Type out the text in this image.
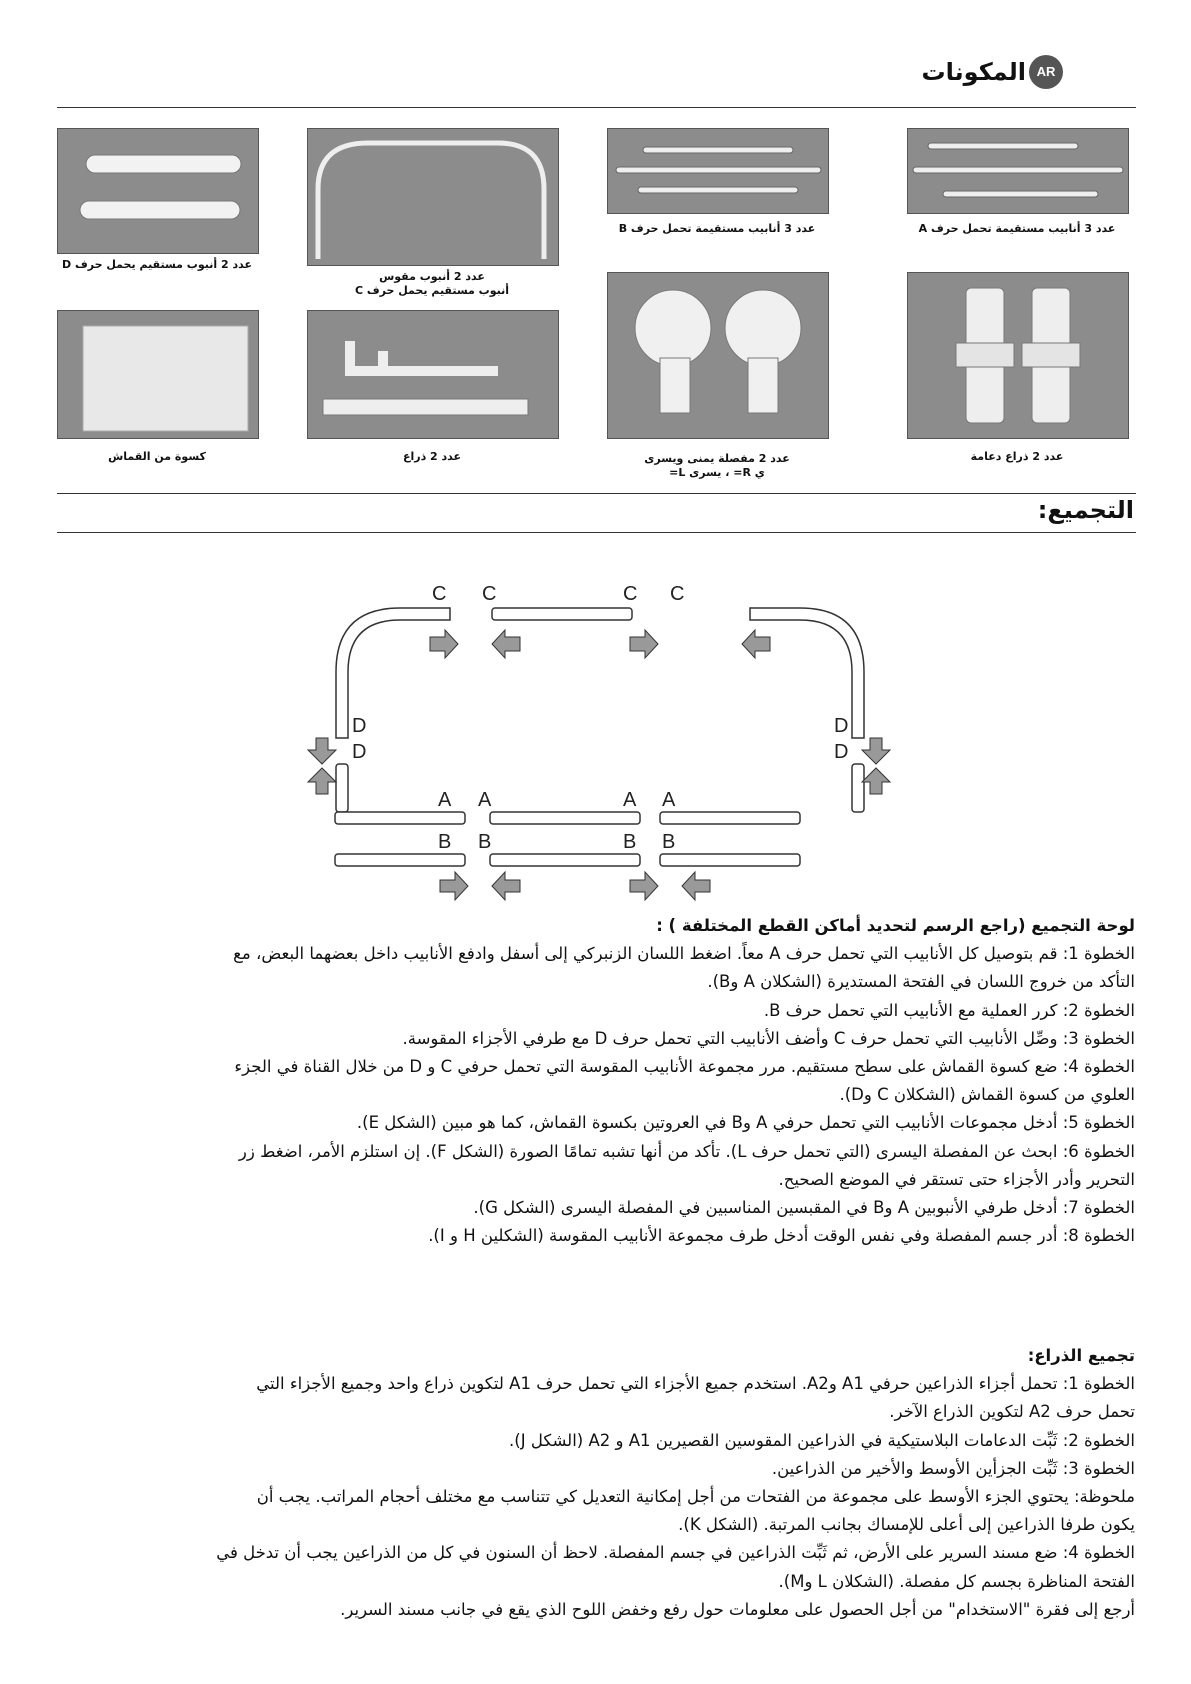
AR
المكونات
عدد 3 أنابيب مستقيمة تحمل حرف A
عدد 3 أنابيب مستقيمة تحمل حرف B
عدد 2 أنبوب مقوس
أنبوب مستقيم يحمل حرف C
عدد 2 أنبوب مستقيم يحمل حرف D
عدد 2 ذراع دعامة
عدد 2 مفصلة يمنى ويسرى
ي R= ، يسرى L=
عدد 2 ذراع
كسوة من القماش
التجميع:
C C	C C
D
D
D
D
A A	A A
B B	B B

لوحة التجميع (راجع الرسم لتحديد أماكن القطع المختلفة ) :

الخطوة 1: قم بتوصيل كل الأنابيب التي تحمل حرف A معاً. اضغط اللسان الزنبركي إلى أسفل وادفع الأنابيب داخل بعضهما البعض، مع

التأكد من خروج اللسان في الفتحة المستديرة (الشكلان A وB).

الخطوة 2: كرر العملية مع الأنابيب التي تحمل حرف B.

الخطوة 3: وصِّل الأنابيب التي تحمل حرف C وأضف الأنابيب التي تحمل حرف D مع طرفي الأجزاء المقوسة.

الخطوة 4: ضع كسوة القماش على سطح مستقيم. مرر مجموعة الأنابيب المقوسة التي تحمل حرفي C و D من خلال القناة في الجزء

العلوي من كسوة القماش (الشكلان C وD).

الخطوة 5: أدخل مجموعات الأنابيب التي تحمل حرفي A وB في العروتين بكسوة القماش، كما هو مبين (الشكل E).

الخطوة 6: ابحث عن المفصلة اليسرى (التي تحمل حرف L). تأكد من أنها تشبه تمامًا الصورة (الشكل F). إن استلزم الأمر، اضغط زر

التحرير وأدر الأجزاء حتى تستقر في الموضع الصحيح.

الخطوة 7: أدخل طرفي الأنبوبين A وB في المقبسين المناسبين في المفصلة اليسرى (الشكل G).

الخطوة 8: أدر جسم المفصلة وفي نفس الوقت أدخل طرف مجموعة الأنابيب المقوسة (الشكلين H و I).

تجميع الذراع:

الخطوة 1: تحمل أجزاء الذراعين حرفي A1 وA2. استخدم جميع الأجزاء التي تحمل حرف A1 لتكوين ذراع واحد وجميع الأجزاء التي

تحمل حرف A2 لتكوين الذراع الآخر.

الخطوة 2: ثَبِّت الدعامات البلاستيكية في الذراعين المقوسين القصيرين A1 و A2 (الشكل J).

الخطوة 3: ثَبِّت الجزأين الأوسط والأخير من الذراعين.

ملحوظة: يحتوي الجزء الأوسط على مجموعة من الفتحات من أجل إمكانية التعديل كي تتناسب مع مختلف أحجام المراتب. يجب أن

يكون طرفا الذراعين إلى أعلى للإمساك بجانب المرتبة. (الشكل K).

الخطوة 4: ضع مسند السرير على الأرض، ثم ثَبِّت الذراعين في جسم المفصلة. لاحظ أن السنون في كل من الذراعين يجب أن تدخل في

الفتحة المناظرة بجسم كل مفصلة. (الشكلان L وM).

أرجع إلى فقرة "الاستخدام" من أجل الحصول على معلومات حول رفع وخفض اللوح الذي يقع في جانب مسند السرير.
